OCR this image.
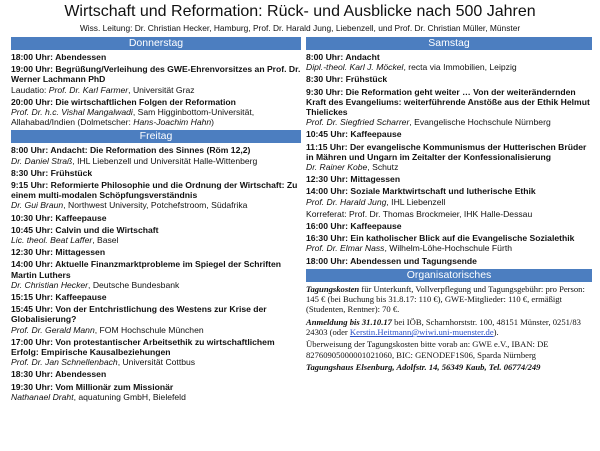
Wirtschaft und Reformation: Rück- und Ausblicke nach 500 Jahren
Wiss. Leitung: Dr. Christian Hecker, Hamburg, Prof. Dr. Harald Jung, Liebenzell, und Prof. Dr. Christian Müller, Münster
Donnerstag
18:00 Uhr: Abendessen
19:00 Uhr: Begrüßung/Verleihung des GWE-Ehrenvorsitzes an Prof. Dr. Werner Lachmann PhD
Laudatio: Prof. Dr. Karl Farmer, Universität Graz
20:00 Uhr: Die wirtschaftlichen Folgen der Reformation
Prof. Dr. h.c. Vishal Mangalwadi, Sam Higginbottom-Universität, Allahabad/Indien (Dolmetscher: Hans-Joachim Hahn)
Freitag
8:00 Uhr: Andacht: Die Reformation des Sinnes (Röm 12,2)
Dr. Daniel Straß, IHL Liebenzell und Universität Halle-Wittenberg
8:30 Uhr: Frühstück
9:15 Uhr: Reformierte Philosophie und die Ordnung der Wirtschaft: Zu einem multi-modalen Schöpfungsverständnis
Dr. Gui Braun, Northwest University, Potchefstroom, Südafrika
10:30 Uhr: Kaffeepause
10:45 Uhr: Calvin und die Wirtschaft
Lic. theol. Beat Laffer, Basel
12:30 Uhr: Mittagessen
14:00 Uhr: Aktuelle Finanzmarktprobleme im Spiegel der Schriften Martin Luthers
Dr. Christian Hecker, Deutsche Bundesbank
15:15 Uhr: Kaffeepause
15:45 Uhr: Von der Entchristlichung des Westens zur Krise der Globalisierung?
Prof. Dr. Gerald Mann, FOM Hochschule München
17:00 Uhr: Von protestantischer Arbeitsethik zu wirtschaftlichem Erfolg: Empirische Kausalbeziehungen
Prof. Dr. Jan Schnellenbach, Universität Cottbus
18:30 Uhr: Abendessen
19:30 Uhr: Vom Millionär zum Missionär
Nathanael Draht, aquatuning GmbH, Bielefeld
Samstag
8:00 Uhr: Andacht
Dipl.-theol. Karl J. Möckel, recta via Immobilien, Leipzig
8:30 Uhr: Frühstück
9:30 Uhr: Die Reformation geht weiter … Von der weiterändernden Kraft des Evangeliums: weiterführende Anstöße aus der Ethik Helmut Thielickes
Prof. Dr. Siegfried Scharrer, Evangelische Hochschule Nürnberg
10:45 Uhr: Kaffeepause
11:15 Uhr: Der evangelische Kommunismus der Hutterischen Brüder in Mähren und Ungarn im Zeitalter der Konfessionalisierung
Dr. Rainer Kobe, Schutz
12:30 Uhr: Mittagessen
14:00 Uhr: Soziale Marktwirtschaft und lutherische Ethik
Prof. Dr. Harald Jung, IHL Liebenzell
Korreferat: Prof. Dr. Thomas Brockmeier, IHK Halle-Dessau
16:00 Uhr: Kaffeepause
16:30 Uhr: Ein katholischer Blick auf die Evangelische Sozialethik
Prof. Dr. Elmar Nass, Wilhelm-Löhe-Hochschule Fürth
18:00 Uhr: Abendessen und Tagungsende
Organisatorisches
Tagungskosten für Unterkunft, Vollverpflegung und Tagungsgebühr: pro Person: 145 € (bei Buchung bis 31.8.17: 110 €), GWE-Mitglieder: 110 €, ermäßigt (Studenten, Rentner): 70 €.
Anmeldung bis 31.10.17 bei IÖB, Scharnhorststr. 100, 48151 Münster, 0251/83 24303 (oder Kerstin.Heitmann@wiwi.uni-muenster.de).
Überweisung der Tagungskosten bitte vorab an: GWE e.V., IBAN: DE 82760905000001021060, BIC: GENODEF1S06, Sparda Nürnberg
Tagungshaus Elsenburg, Adolfstr. 14, 56349 Kaub, Tel. 06774/249
